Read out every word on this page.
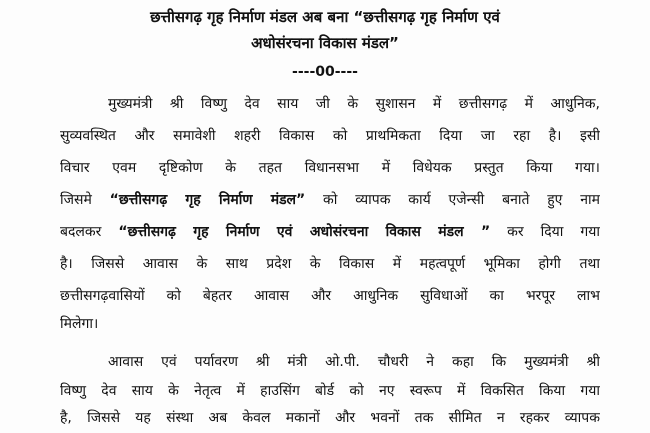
छत्तीसगढ़ गृह निर्माण मंडल अब बना “छत्तीसगढ़ गृह निर्माण एवं
अधोसंरचना विकास मंडल”
----00----
मुख्यमंत्री श्री विष्णु देव साय जी के सुशासन में छत्तीसगढ़ में आधुनिक,
सुव्यवस्थित और समावेशी शहरी विकास को प्राथमिकता दिया जा रहा है। इसी
विचार एवम दृष्टिकोण के तहत विधानसभा में विधेयक प्रस्तुत किया गया।
जिसमे “छत्तीसगढ़ गृह निर्माण मंडल” को व्यापक कार्य एजेन्सी बनाते हुए नाम
बदलकर “छत्तीसगढ़ गृह निर्माण एवं अधोसंरचना विकास मंडल ” कर दिया गया
है। जिससे आवास के साथ प्रदेश के विकास में महत्वपूर्ण भूमिका होगी तथा
छत्तीसगढ़वासियों को बेहतर आवास और आधुनिक सुविधाओं का भरपूर लाभ
मिलेगा।
आवास एवं पर्यावरण श्री मंत्री ओ.पी. चौधरी ने कहा कि मुख्यमंत्री श्री
विष्णु देव साय के नेतृत्व में हाउसिंग बोर्ड को नए स्वरूप में विकसित किया गया
है, जिससे यह संस्था अब केवल मकानों और भवनों तक सीमित न रहकर व्यापक
